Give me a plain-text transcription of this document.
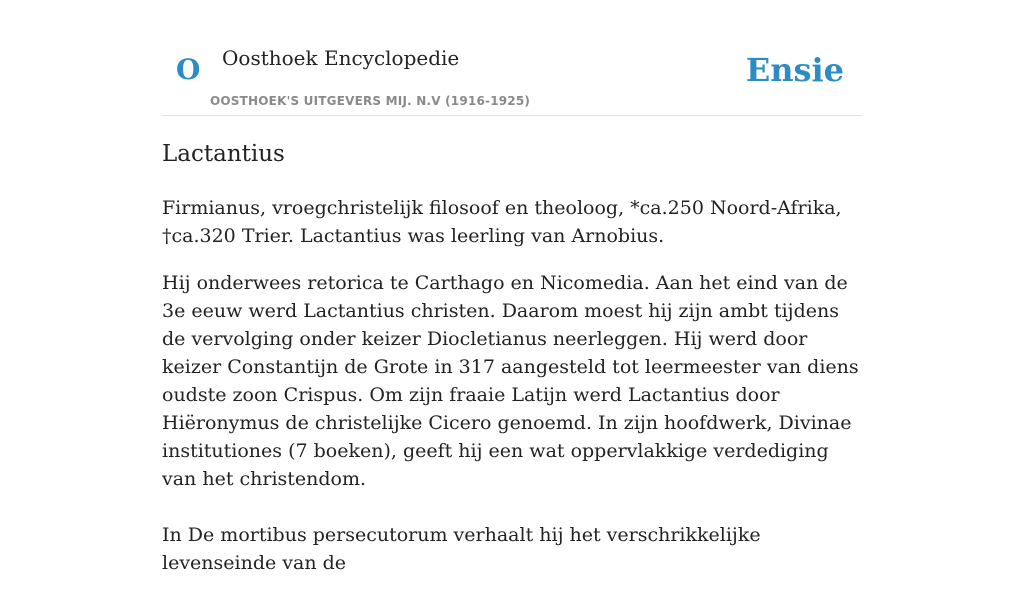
O Oosthoek Encyclopedie
OOSTHOEK'S UITGEVERS MIJ. N.V (1916-1925)
Ensie
Lactantius

Firmianus, vroegchristelijk filosoof en theoloog, *ca.250 Noord-Afrika, †ca.320 Trier. Lactantius was leerling van Arnobius.

Hij onderwees retorica te Carthago en Nicomedia. Aan het eind van de 3e eeuw werd Lactantius christen. Daarom moest hij zijn ambt tijdens de vervolging onder keizer Diocletianus neerleggen. Hij werd door keizer Constantijn de Grote in 317 aangesteld tot leermeester van diens oudste zoon Crispus. Om zijn fraaie Latijn werd Lactantius door Hiëronymus de christelijke Cicero genoemd. In zijn hoofdwerk, Divinae institutiones (7 boeken), geeft hij een wat oppervlakkige verdediging van het christendom.

In De mortibus persecutorum verhaalt hij het verschrikkelijke levenseinde van de
